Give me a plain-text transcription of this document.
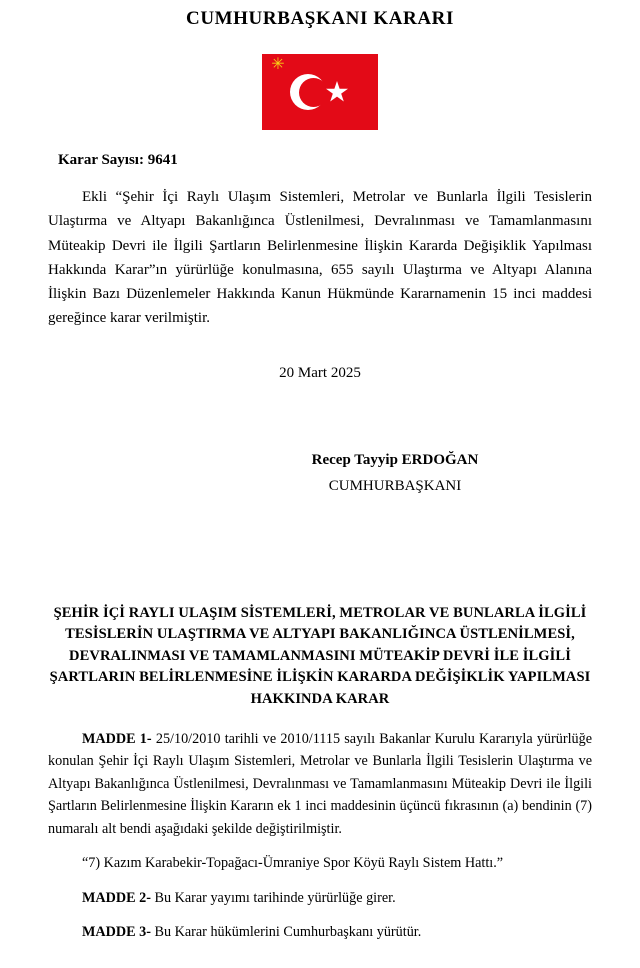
CUMHURBAŞKANI KARARI
✳
Karar Sayısı: 9641

Ekli “Şehir İçi Raylı Ulaşım Sistemleri, Metrolar ve Bunlarla İlgili Tesislerin Ulaştırma ve Altyapı Bakanlığınca Üstlenilmesi, Devralınması ve Tamamlanmasını Müteakip Devri ile İlgili Şartların Belirlenmesine İlişkin Kararda Değişiklik Yapılması Hakkında Karar”ın yürürlüğe konulmasına, 655 sayılı Ulaştırma ve Altyapı Alanına İlişkin Bazı Düzenlemeler Hakkında Kanun Hükmünde Kararnamenin 15 inci maddesi gereğince karar verilmiştir.

20 Mart 2025
Recep Tayyip ERDOĞAN
CUMHURBAŞKANI
ŞEHİR İÇİ RAYLI ULAŞIM SİSTEMLERİ, METROLAR VE BUNLARLA İLGİLİ TESİSLERİN ULAŞTIRMA VE ALTYAPI BAKANLIĞINCA ÜSTLENİLMESİ, DEVRALINMASI VE TAMAMLANMASINI MÜTEAKİP DEVRİ İLE İLGİLİ ŞARTLARIN BELİRLENMESİNE İLİŞKİN KARARDA DEĞİŞİKLİK YAPILMASI HAKKINDA KARAR

MADDE 1- 25/10/2010 tarihli ve 2010/1115 sayılı Bakanlar Kurulu Kararıyla yürürlüğe konulan Şehir İçi Raylı Ulaşım Sistemleri, Metrolar ve Bunlarla İlgili Tesislerin Ulaştırma ve Altyapı Bakanlığınca Üstlenilmesi, Devralınması ve Tamamlanmasını Müteakip Devri ile İlgili Şartların Belirlenmesine İlişkin Kararın ek 1 inci maddesinin üçüncü fıkrasının (a) bendinin (7) numaralı alt bendi aşağıdaki şekilde değiştirilmiştir.

“7) Kazım Karabekir-Topağacı-Ümraniye Spor Köyü Raylı Sistem Hattı.”

MADDE 2- Bu Karar yayımı tarihinde yürürlüğe girer.

MADDE 3- Bu Karar hükümlerini Cumhurbaşkanı yürütür.
